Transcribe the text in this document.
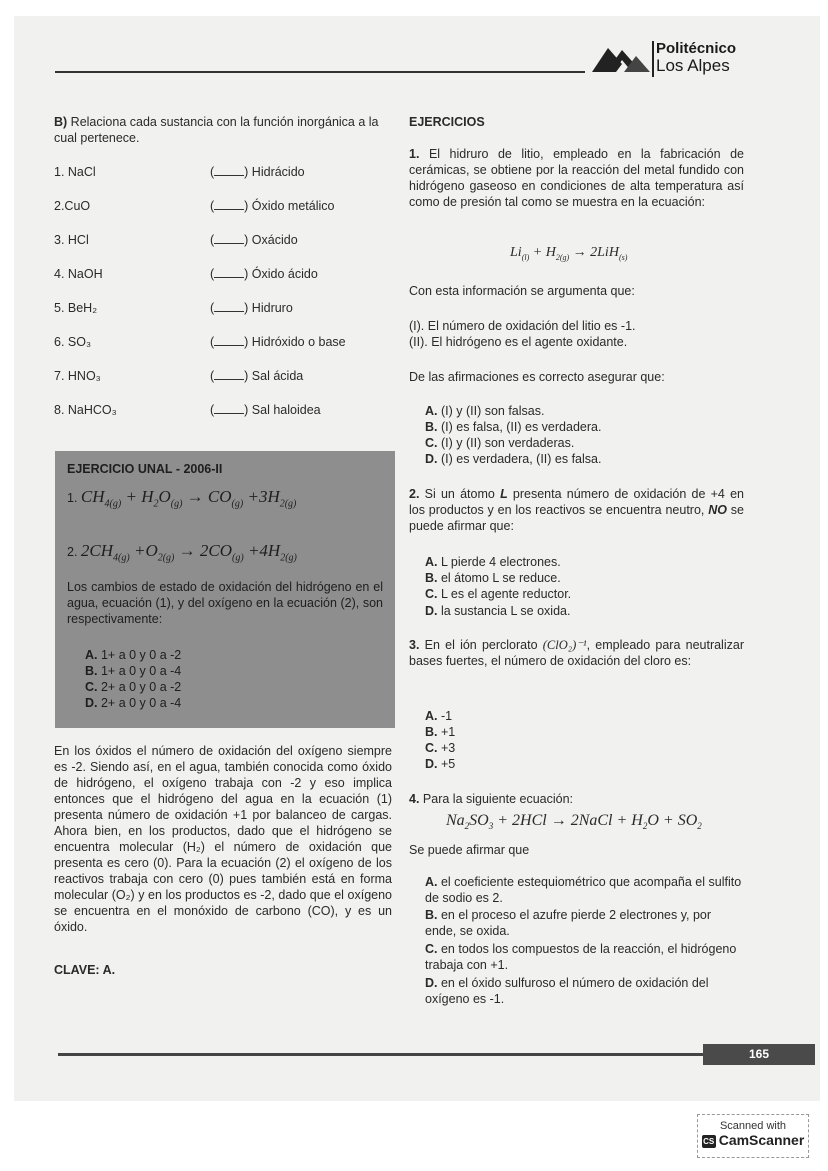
Politécnico
Los Alpes
B) Relaciona cada sustancia con la función inorgánica a la cual pertenece.
1. NaCl	( ) Hidrácido
2.CuO	( ) Óxido metálico
3. HCl	( ) Oxácido
4. NaOH	( ) Óxido ácido
5. BeH₂	( ) Hidruro
6. SO₃	( ) Hidróxido o base
7. HNO₃	( ) Sal ácida
8. NaHCO₃	( ) Sal haloidea
EJERCICIO UNAL - 2006-II
1. $CH_{4(g)} + H_2O_{(g)} \to CO_{(g)} +3H_{2(g)}$
2. $2CH_{4(g)} +O_{2(g)} \to 2CO_{(g)} +4H_{2(g)}$
Los cambios de estado de oxidación del hidrógeno en el agua, ecuación (1), y del oxígeno en la ecuación (2), son respectivamente:
A. 1+ a 0 y 0 a -2
B. 1+ a 0 y 0 a -4
C. 2+ a 0 y 0 a -2
D. 2+ a 0 y 0 a -4
En los óxidos el número de oxidación del oxígeno siempre es -2. Siendo así, en el agua, también conocida como óxido de hidrógeno, el oxígeno trabaja con -2 y eso implica entonces que el hidrógeno del agua en la ecuación (1) presenta número de oxidación +1 por balanceo de cargas. Ahora bien, en los productos, dado que el hidrógeno se encuentra molecular (H₂) el número de oxidación que presenta es cero (0). Para la ecuación (2) el oxígeno de los reactivos trabaja con cero (0) pues también está en forma molecular (O₂) y en los productos es -2, dado que el oxígeno se encuentra en el monóxido de carbono (CO), y es un óxido.
CLAVE: A.
EJERCICIOS
1. El hidruro de litio, empleado en la fabricación de cerámicas, se obtiene por la reacción del metal fundido con hidrógeno gaseoso en condiciones de alta temperatura así como de presión tal como se muestra en la ecuación:
$Li_{(l)} + H_{2(g)} \to 2LiH_{(s)}$
Con esta información se argumenta que:
(I). El número de oxidación del litio es -1.
(II). El hidrógeno es el agente oxidante.
De las afirmaciones es correcto asegurar que:
A. (I) y (II) son falsas.
B. (I) es falsa, (II) es verdadera.
C. (I) y (II) son verdaderas.
D. (I) es verdadera, (II) es falsa.
2. Si un átomo L presenta número de oxidación de +4 en los productos y en los reactivos se encuentra neutro, NO se puede afirmar que:
A. L pierde 4 electrones.
B. el átomo L se reduce.
C. L es el agente reductor.
D. la sustancia L se oxida.
3. En el ión perclorato (ClO₂)⁻¹, empleado para neutralizar bases fuertes, el número de oxidación del cloro es:
A. -1
B. +1
C. +3
D. +5
4. Para la siguiente ecuación:
$Na_2SO_3 + 2HCl$ → 2NaCl + $H_2O + SO_2$
Se puede afirmar que
A. el coeficiente estequiométrico que acompaña el sulfito de sodio es 2.
B. en el proceso el azufre pierde 2 electrones y, por ende, se oxida.
C. en todos los compuestos de la reacción, el hidrógeno trabaja con +1.
D. en el óxido sulfuroso el número de oxidación del oxígeno es -1.
165
Scanned with
CS CamScanner
